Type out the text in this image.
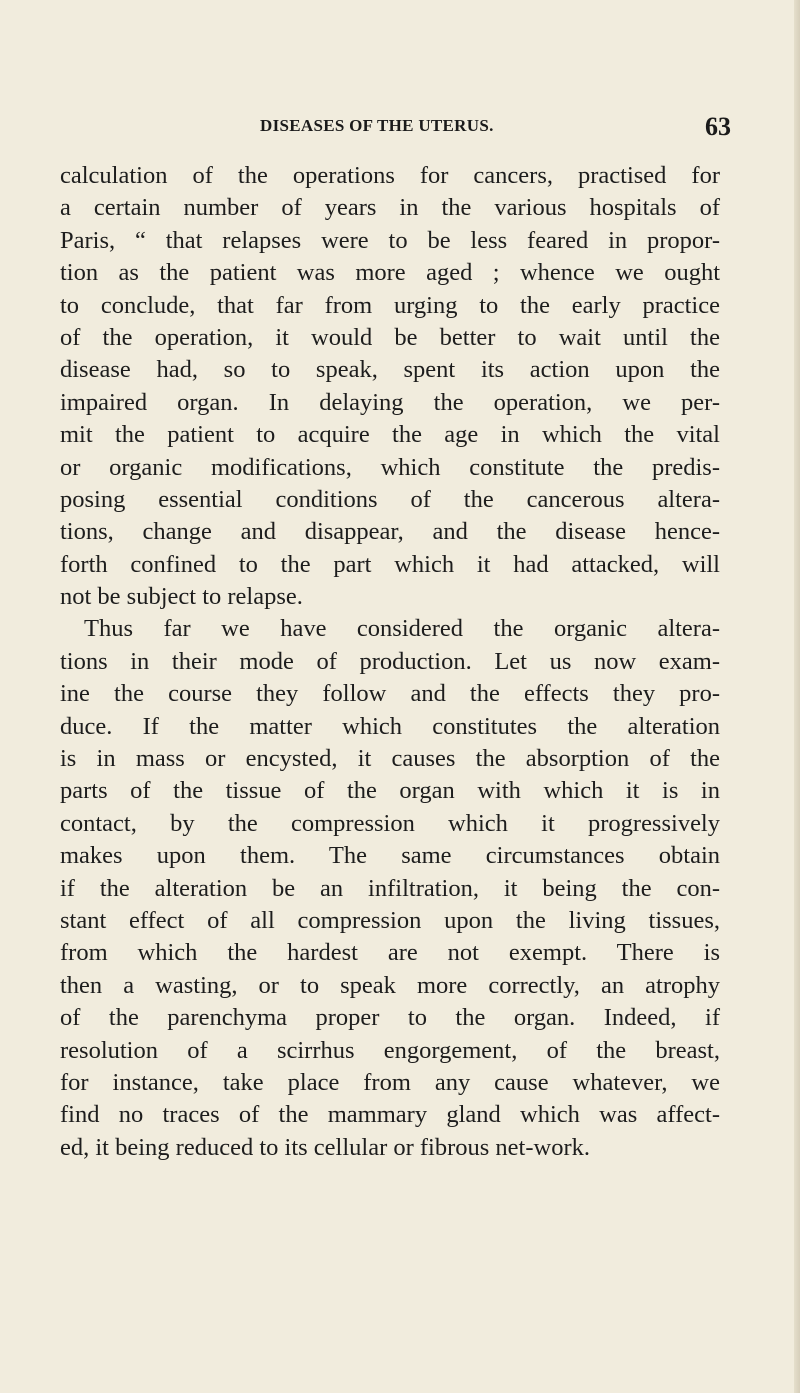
DISEASES OF THE UTERUS.	63
calculation of the operations for cancers, practised for
a certain number of years in the various hospitals of
Paris, “ that relapses were to be less feared in propor-
tion as the patient was more aged ; whence we ought
to conclude, that far from urging to the early practice
of the operation, it would be better to wait until the
disease had, so to speak, spent its action upon the
impaired organ. In delaying the operation, we per-
mit the patient to acquire the age in which the vital
or organic modifications, which constitute the predis-
posing essential conditions of the cancerous altera-
tions, change and disappear, and the disease hence-
forth confined to the part which it had attacked, will
not be subject to relapse.
Thus far we have considered the organic altera-
tions in their mode of production. Let us now exam-
ine the course they follow and the effects they pro-
duce. If the matter which constitutes the alteration
is in mass or encysted, it causes the absorption of the
parts of the tissue of the organ with which it is in
contact, by the compression which it progressively
makes upon them. The same circumstances obtain
if the alteration be an infiltration, it being the con-
stant effect of all compression upon the living tissues,
from which the hardest are not exempt. There is
then a wasting, or to speak more correctly, an atrophy
of the parenchyma proper to the organ. Indeed, if
resolution of a scirrhus engorgement, of the breast,
for instance, take place from any cause whatever, we
find no traces of the mammary gland which was affect-
ed, it being reduced to its cellular or fibrous net-work.
